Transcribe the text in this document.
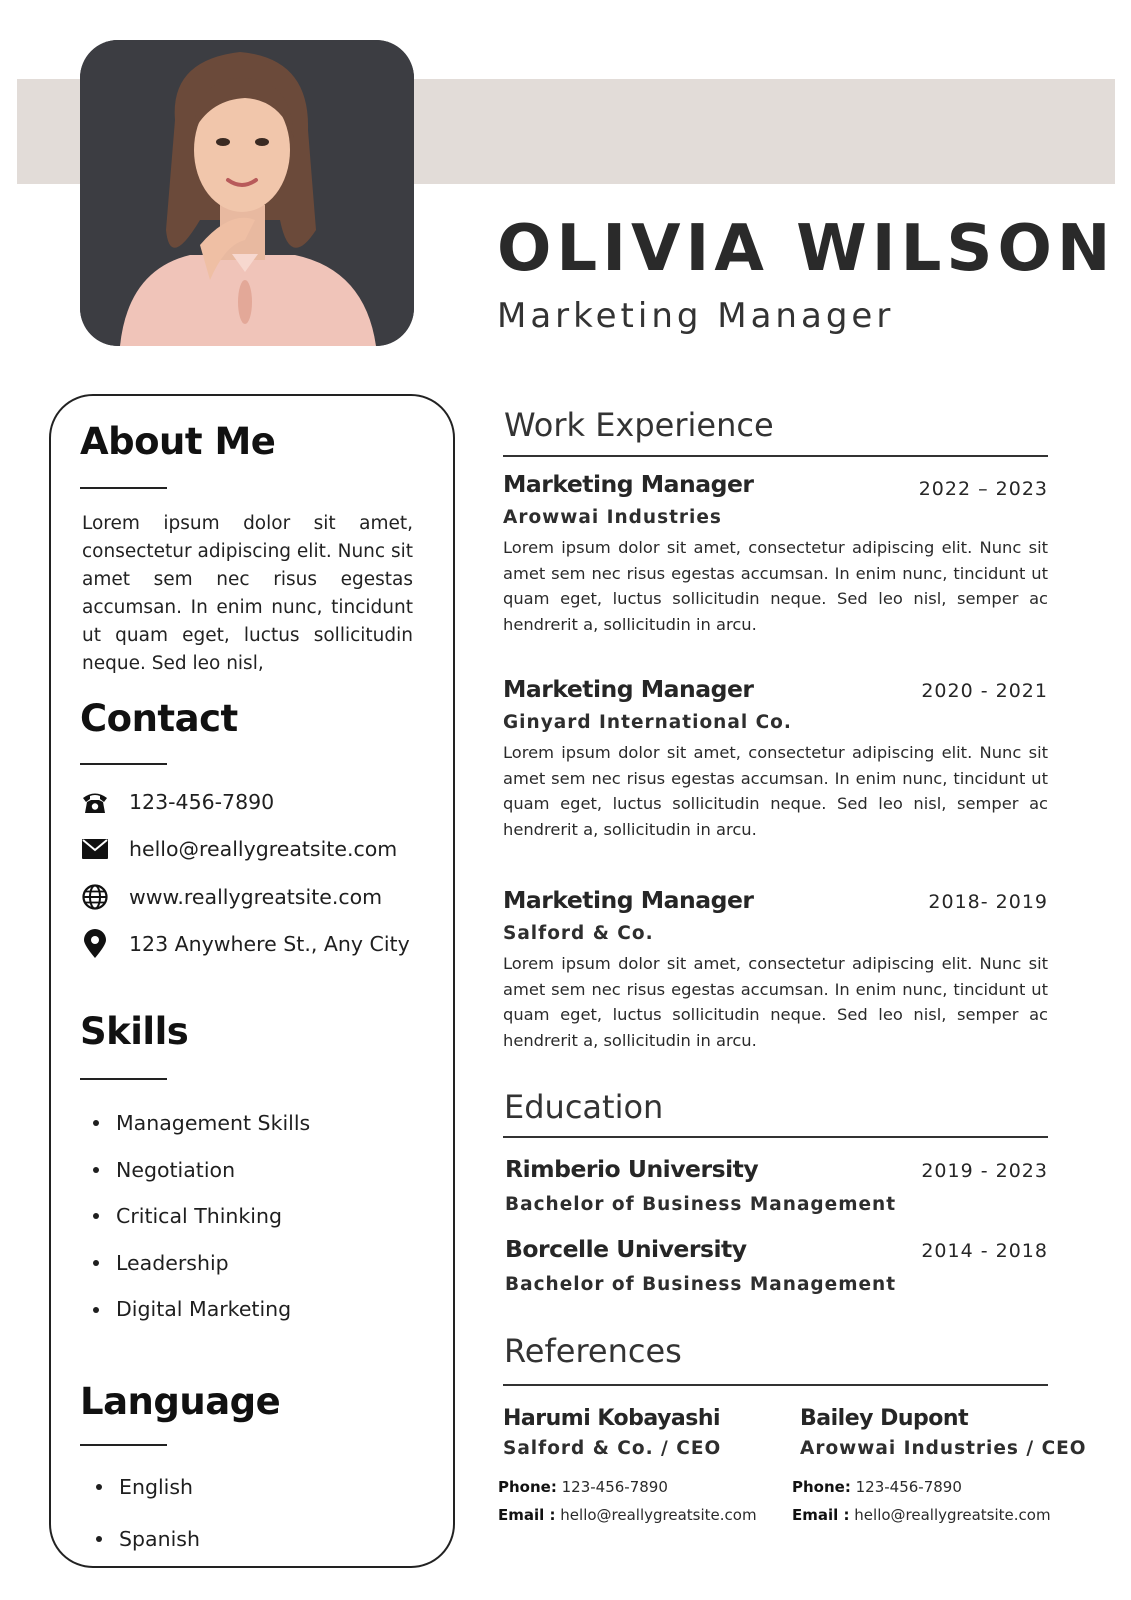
OLIVIA WILSON
Marketing Manager
About Me
Lorem ipsum dolor sit amet, consectetur adipiscing elit. Nunc sit amet sem nec risus egestas accumsan. In enim nunc, tincidunt ut quam eget, luctus sollicitudin neque. Sed leo nisl,
Contact
123-456-7890
hello@reallygreatsite.com
www.reallygreatsite.com
123 Anywhere St., Any City
Skills
Management Skills
Negotiation
Critical Thinking
Leadership
Digital Marketing
Language
English
Spanish
Work Experience
Marketing Manager	2022 – 2023
Arowwai Industries
Lorem ipsum dolor sit amet, consectetur adipiscing elit. Nunc sit amet sem nec risus egestas accumsan. In enim nunc, tincidunt ut quam eget, luctus sollicitudin neque. Sed leo nisl, semper ac hendrerit a, sollicitudin in arcu.
Marketing Manager	2020 - 2021
Ginyard International Co.
Lorem ipsum dolor sit amet, consectetur adipiscing elit. Nunc sit amet sem nec risus egestas accumsan. In enim nunc, tincidunt ut quam eget, luctus sollicitudin neque. Sed leo nisl, semper ac hendrerit a, sollicitudin in arcu.
Marketing Manager	2018- 2019
Salford & Co.
Lorem ipsum dolor sit amet, consectetur adipiscing elit. Nunc sit amet sem nec risus egestas accumsan. In enim nunc, tincidunt ut quam eget, luctus sollicitudin neque. Sed leo nisl, semper ac hendrerit a, sollicitudin in arcu.
Education
Rimberio University	2019 - 2023
Bachelor of Business Management
Borcelle University	2014 - 2018
Bachelor of Business Management
References
Harumi Kobayashi
Salford & Co. / CEO
Phone: 123-456-7890
Email : hello@reallygreatsite.com
Bailey Dupont
Arowwai Industries / CEO
Phone: 123-456-7890
Email : hello@reallygreatsite.com
